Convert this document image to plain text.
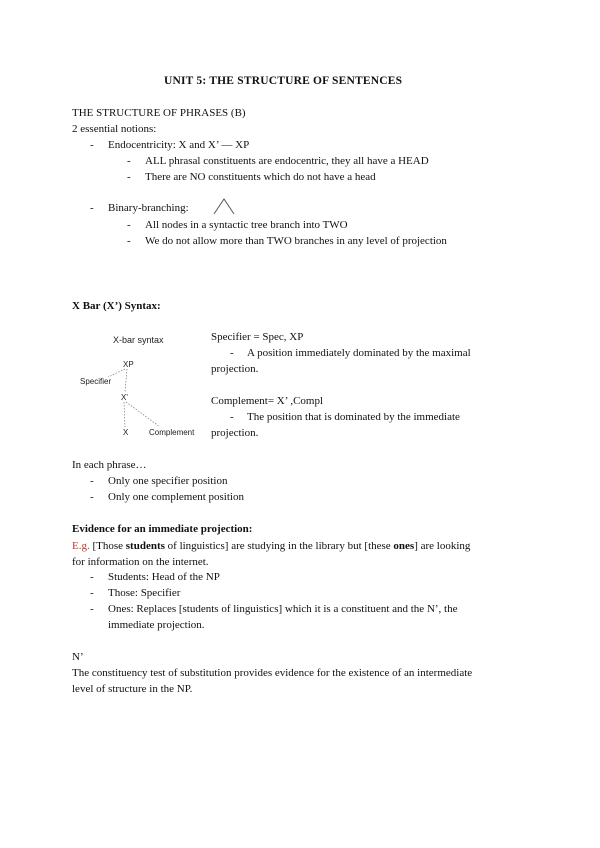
UNIT 5: THE STRUCTURE OF SENTENCES
THE STRUCTURE OF PHRASES (B)
2 essential notions:
- Endocentricity: X and X’ — XP
- ALL phrasal constituents are endocentric, they all have a HEAD
- There are NO constituents which do not have a head
- Binary-branching:
- All nodes in a syntactic tree branch into TWO
- We do not allow more than TWO branches in any level of projection
X Bar (X’) Syntax:
X-bar syntax
XP
Specifier
X'
X	Complement
Specifier = Spec, XP
- A position immediately dominated by the maximal
projection.
Complement= X’ ,Compl
- The position that is dominated by the immediate
projection.
In each phrase…
- Only one specifier position
- Only one complement position
Evidence for an immediate projection:
E.g. [Those students of linguistics] are studying in the library but [these ones] are looking
for information on the internet.
- Students: Head of the NP
- Those: Specifier
- Ones: Replaces [students of linguistics] which it is a constituent and the N’, the
immediate projection.
N’
The constituency test of substitution provides evidence for the existence of an intermediate
level of structure in the NP.
